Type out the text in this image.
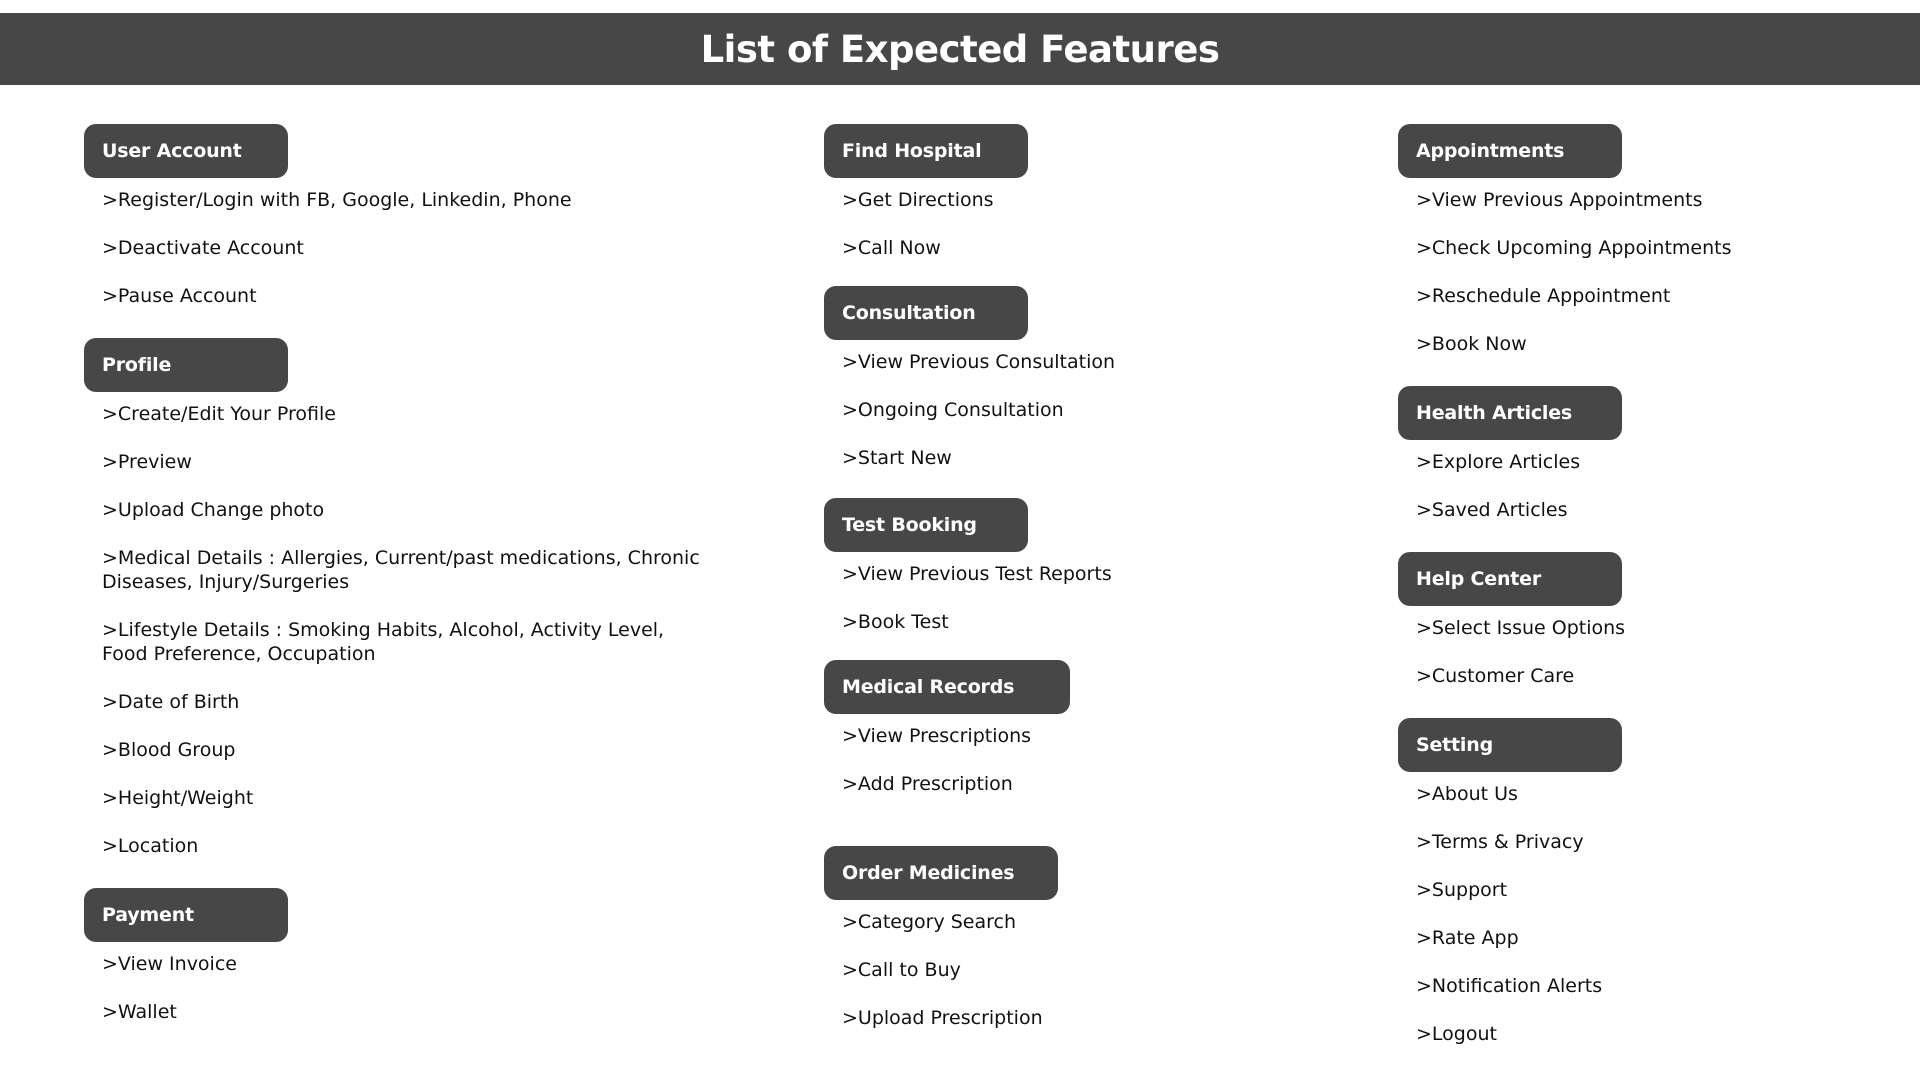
List of Expected Features
User Account
>Register/Login with FB, Google, Linkedin, Phone
>Deactivate Account
>Pause Account
Profile
>Create/Edit Your Profile
>Preview
>Upload Change photo
>Medical Details : Allergies, Current/past medications, Chronic Diseases, Injury/Surgeries
>Lifestyle Details : Smoking Habits, Alcohol, Activity Level, Food Preference, Occupation
>Date of Birth
>Blood Group
>Height/Weight
>Location
Payment
>View Invoice
>Wallet
Find Hospital
>Get Directions
>Call Now
Consultation
>View Previous Consultation
>Ongoing Consultation
>Start New
Test Booking
>View Previous Test Reports
>Book Test
Medical Records
>View Prescriptions
>Add Prescription
Order Medicines
>Category Search
>Call to Buy
>Upload Prescription
Appointments
>View Previous Appointments
>Check Upcoming Appointments
>Reschedule Appointment
>Book Now
Health Articles
>Explore Articles
>Saved Articles
Help Center
>Select Issue Options
>Customer Care
Setting
>About Us
>Terms & Privacy
>Support
>Rate App
>Notification Alerts
>Logout
